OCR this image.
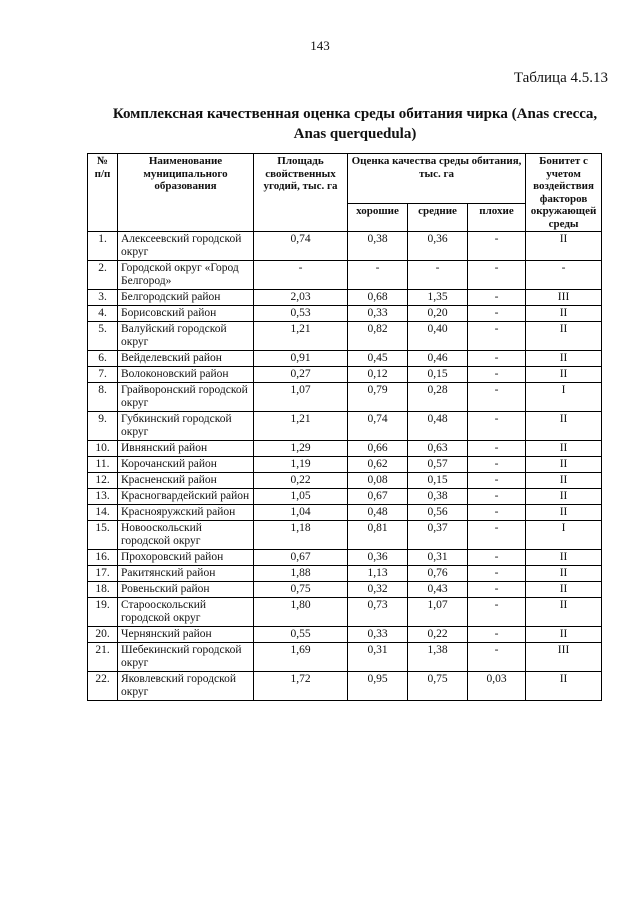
143
Таблица 4.5.13
Комплексная качественная оценка среды обитания чирка (Anas crecca,
Anas querquedula)
№ п/п	Наименование муниципального образования	Площадь свойственных угодий, тыс. га	Оценка качества среды обитания, тыс. га			Бонитет с учетом воздействия факторов окружающей среды
			хорошие	средние	плохие	
1.	Алексеевский городской округ	0,74	0,38	0,36	-	II
2.	Городской округ «Город Белгород»	-	-	-	-	-
3.	Белгородский район	2,03	0,68	1,35	-	III
4.	Борисовский район	0,53	0,33	0,20	-	II
5.	Валуйский городской округ	1,21	0,82	0,40	-	II
6.	Вейделевский район	0,91	0,45	0,46	-	II
7.	Волоконовский район	0,27	0,12	0,15	-	II
8.	Грайворонский городской округ	1,07	0,79	0,28	-	I
9.	Губкинский городской округ	1,21	0,74	0,48	-	II
10.	Ивнянский район	1,29	0,66	0,63	-	II
11.	Корочанский район	1,19	0,62	0,57	-	II
12.	Красненский район	0,22	0,08	0,15	-	II
13.	Красногвардейский район	1,05	0,67	0,38	-	II
14.	Краснояружский район	1,04	0,48	0,56	-	II
15.	Новооскольский городской округ	1,18	0,81	0,37	-	I
16.	Прохоровский район	0,67	0,36	0,31	-	II
17.	Ракитянский район	1,88	1,13	0,76	-	II
18.	Ровеньский район	0,75	0,32	0,43	-	II
19.	Старооскольский городской округ	1,80	0,73	1,07	-	II
20.	Чернянский район	0,55	0,33	0,22	-	II
21.	Шебекинский городской округ	1,69	0,31	1,38	-	III
22.	Яковлевский городской округ	1,72	0,95	0,75	0,03	II
